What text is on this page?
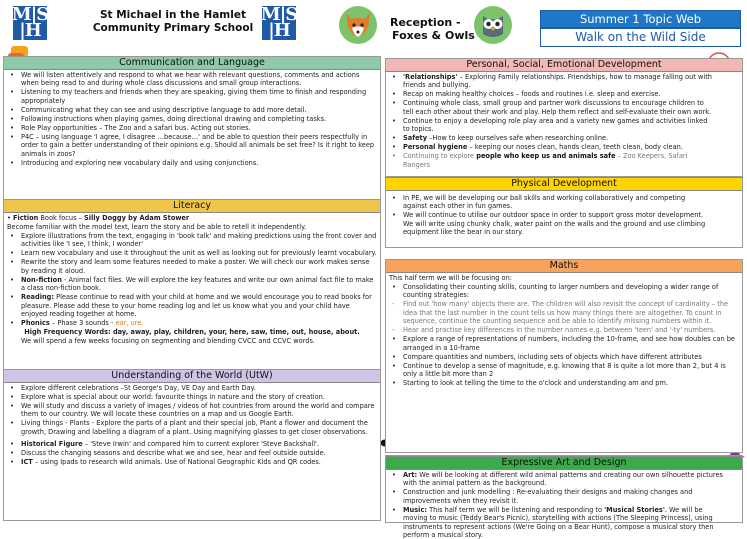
M|S
|H
St Michael in the Hamlet
Community Primary School
M|S
|H	Reception -
Foxes & Owls
Summer 1 Topic Web
Walk on the Wild Side
Communication and Language
• We will listen attentively and respond to what we hear with relevant questions, comments and actions when being read to and during whole class discussions and small group interactions.
• Listening to my teachers and friends when they are speaking, giving them time to finish and responding appropriately
• Communicating what they can see and using descriptive language to add more detail.
• Following instructions when playing games, doing directional drawing and completing tasks.
• Role Play opportunities – The Zoo and a safari bus. Acting out stories.
• P4C – using language 'I agree, I disagree …because…' and be able to question their peers respectfully in order to gain a better understanding of their opinions e.g. Should all animals be set free? Is it right to keep animals in zoos?
• Introducing and exploring new vocabulary daily and using conjunctions.
Literacy

• Fiction Book focus – Silly Doggy by Adam Stower

Become familiar with the model text, learn the story and be able to retell it independently.

• Explore illustrations from the text, engaging in 'book talk' and making predictions using the front cover and activities like 'I see, I think, I wonder'
• Learn new vocabulary and use it throughout the unit as well as looking out for previously learnt vocabulary.
• Rewrite the story and learn some features needed to make a poster. We will check our work makes sense by reading it aloud.
• Non-fiction - Animal fact files. We will explore the key features and write our own animal fact file to make a class non-fiction book.
• Reading: Please continue to read with your child at home and we would encourage you to read books for pleasure. Please add these to your home reading log and let us know what you and your child have enjoyed reading together at home.
• Phonics – Phase 3 sounds - ear, ure.

High Frequency Words: day, away, play, children, your, here, saw, time, out, house, about.

We will spend a few weeks focusing on segmenting and blending CVCC and CCVC words.

Understanding of the World (UtW)
• Explore different celebrations –St George's Day, VE Day and Earth Day.
• Explore what is special about our world: favourite things in nature and the story of creation.
• We will study and discuss a variety of images / videos of hot countries from around the world and compare them to our country. We will locate these countries on a map and us Google Earth.
• Living things - Plants - Explore the parts of a plant and their special job, Plant a flower and document the growth, Drawing and labelling a diagram of a plant. Using magnifying glasses to get closer observations.
• Historical Figure – 'Steve Irwin' and compared him to current explorer 'Steve Backshall'.
• Discuss the changing seasons and describe what we and see, hear and feel outside outside.
• ICT – using Ipads to research wild animals. Use of National Geographic Kids and QR codes.
Personal, Social, Emotional Development
• 'Relationships' – Exploring Family relationships. Friendships, how to manage falling out with friends and bullying.
• Recap on making healthy choices – foods and routines i.e. sleep and exercise.
• Continuing whole class, small group and partner work discussions to encourage children to tell each other about their work and play. Help them reflect and self-evaluate their own work.
• Continue to enjoy a developing role play area and a variety new games and activities linked to topics.
• Safety –How to keep ourselves safe when researching online.
• Personal hygiene – keeping our noses clean, hands clean, teeth clean, body clean.
• Continuing to explore people who keep us and animals safe – Zoo Keepers, Safari Rangers
Physical Development
• In PE, we will be developing our ball skills and working collaboratively and competing against each other in fun games.
• We will continue to utilise our outdoor space in order to support gross motor development. We will write using chunky chalk, water paint on the walls and the ground and use climbing equipment like the bear in our story.
Maths

This half term we will be focusing on:

• Consolidating their counting skills, counting to larger numbers and developing a wider range of counting strategies:
- Find out 'how many' objects there are. The children will also revisit the concept of cardinality – the idea that the last number in the count tells us how many things there are altogether. To count in sequence, continue the counting sequence and be able to identify missing numbers within it.
- Hear and practise key differences in the number names e.g. between 'teen' and '-ty' numbers.
• Explore a range of representations of numbers, including the 10-frame, and see how doubles can be arranged in a 10-frame
• Compare quantities and numbers, including sets of objects which have different attributes
• Continue to develop a sense of magnitude, e.g. knowing that 8 is quite a lot more than 2, but 4 is only a little bit more than 2
• Starting to look at telling the time to the o'clock and understanding am and pm.
Expressive Art and Design
• Art: We will be looking at different wild animal patterns and creating our own silhouette pictures with the animal pattern as the background.
• Construction and junk modelling : Re-evaluating their designs and making changes and improvements when they revisit it.
• Music: This half term we will be listening and responding to 'Musical Stories'. We will be moving to music (Teddy Bear's Picnic), storytelling with actions (The Sleeping Princess), using instruments to represent actions (We're Going on a Bear Hunt), compose a musical story then perform a musical story.
